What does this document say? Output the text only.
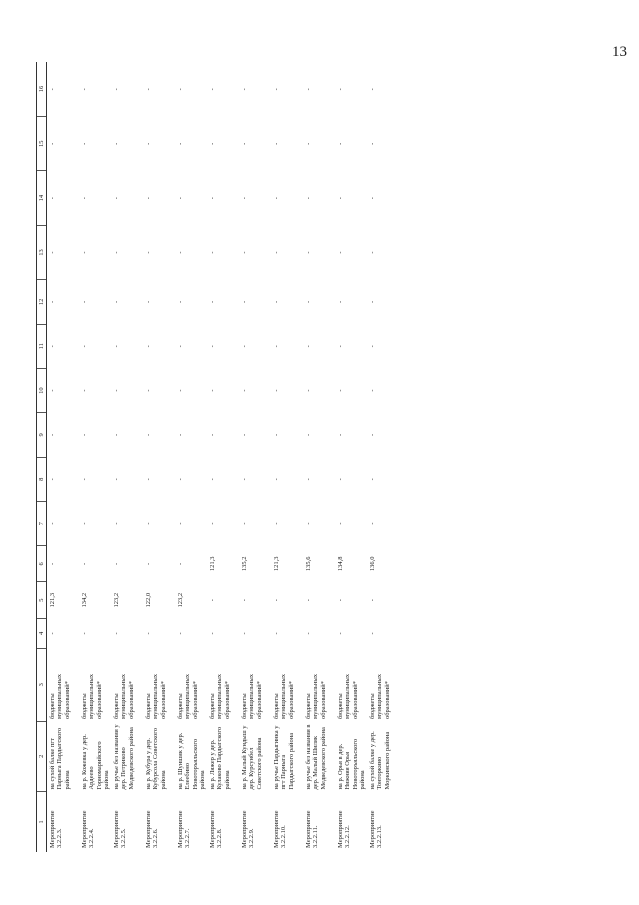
13
1	2	3	4	5	6	7	8	9	10	11	12	13	14	15	16
Мероприятие 3.2.2.3.	на сухой балке пгт Парныга Пардыгского района	бюджеты муниципальных образований*	-	121,3	-	-	-	-	-	-	-	-	-	-	-
Мероприятие 3.2.2.4.	на р. Кожевка у дер. Ардеево Горномарийского района	бюджеты муниципальных образований*	-	134,2	-	-	-	-	-	-	-	-	-	-	-
Мероприятие 3.2.2.5.	на ручье без названия у дер. Петриково Медведевского района	бюджеты муниципальных образований*	-	123,2	-	-	-	-	-	-	-	-	-	-	-
Мероприятие 3.2.2.6.	на р. Кубура у дер. Кубурсола Советского района	бюджеты муниципальных образований*	-	122,0	-	-	-	-	-	-	-	-	-	-	-
Мероприятие 3.2.2.7.	на р. Шуншик у дер. Елеебино Новоторъяльского района	бюджеты муниципальных образований*	-	123,2	-	-	-	-	-	-	-	-	-	-	-
Мероприятие 3.2.2.8.	на р. Ляжер у дер. Кулаково Пардыгского района	бюджеты муниципальных образований*	-	-	121,3	-	-	-	-	-	-	-	-	-	-
Мероприятие 3.2.2.9.	на р. Малый Кундыш у дер. Курсунбел Советского района	бюджеты муниципальных образований*	-	-	135,2	-	-	-	-	-	-	-	-	-	-
Мероприятие 3.2.2.10.	на ручье Пардыгинка у пгт Парныга Пардыгского района	бюджеты муниципальных образований*	-	-	121,3	-	-	-	-	-	-	-	-	-	-
Мероприятие 3.2.2.11.	на ручье без названия в дер. Малый Шиляк Медведевского района	бюджеты муниципальных образований*	-	-	135,6	-	-	-	-	-	-	-	-	-	-
Мероприятие 3.2.2.12.	на р. Орья в дер. Нижняя Орья Новоторъяльского района	бюджеты муниципальных образований*	-	-	134,8	-	-	-	-	-	-	-	-	-	-
Мероприятие 3.2.2.13.	на сухой балке у дер. Тонторкино Моркинского района	бюджеты муниципальных образований*	-	-	136,0	-	-	-	-	-	-	-	-	-	-
